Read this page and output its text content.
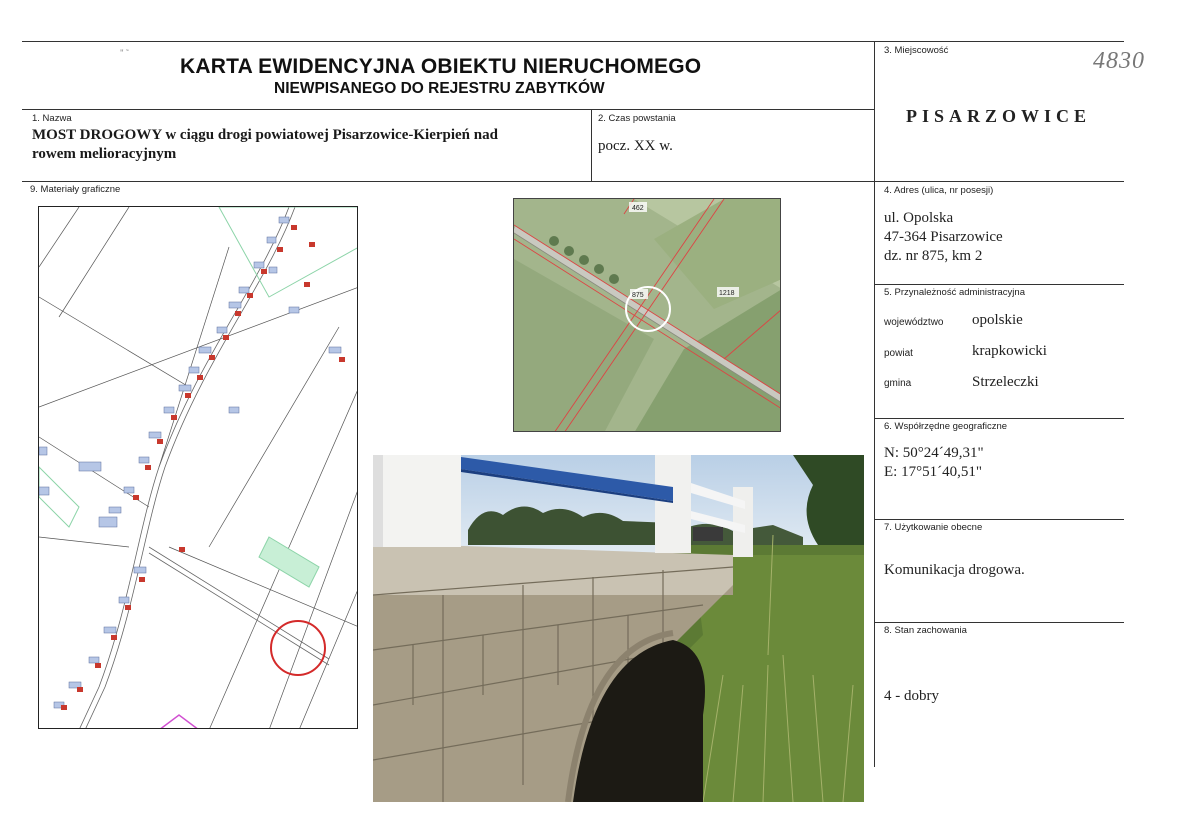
" ˜
KARTA EWIDENCYJNA OBIEKTU NIERUCHOMEGO
NIEWPISANEGO DO REJESTRU ZABYTKÓW
3. Miejscowość	4830
PISARZOWICE
1. Nazwa
MOST DROGOWY w ciągu drogi powiatowej Pisarzowice-Kierpień nad
rowem melioracyjnym
2. Czas powstania
pocz. XX w.
9. Materiały graficzne	4. Adres (ulica, nr posesji)
ul. Opolska
47-364 Pisarzowice
dz. nr 875, km 2
5. Przynależność administracyjna
województwo opolskie
powiat	krapkowicki
gmina	Strzeleczki
6. Współrzędne geograficzne
N: 50°24´49,31"
E: 17°51´40,51"
7. Użytkowanie obecne
Komunikacja drogowa.
8. Stan zachowania
4 - dobry
462
875	1218
